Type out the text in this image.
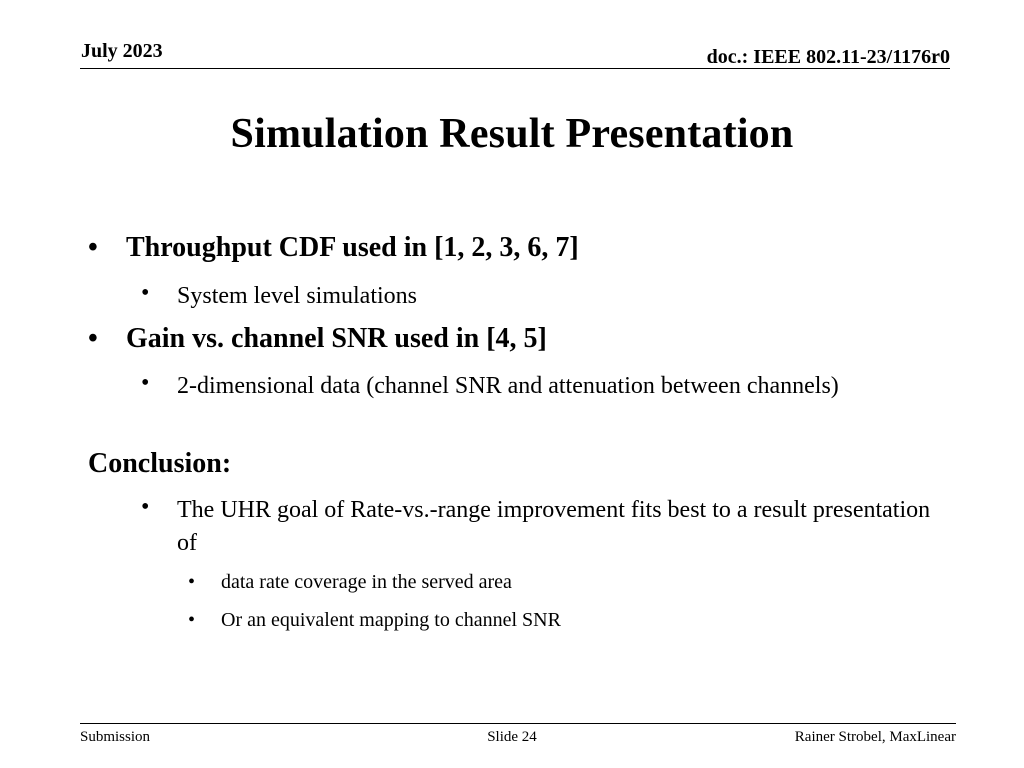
July 2023	doc.: IEEE 802.11-23/1176r0
Simulation Result Presentation
• Throughput CDF used in [1, 2, 3, 6, 7]
• System level simulations
• Gain vs. channel SNR used in [4, 5]
• 2-dimensional data (channel SNR and attenuation between channels)
Conclusion:
• The UHR goal of Rate-vs.-range improvement fits best to a result presentation of
• data rate coverage in the served area
• Or an equivalent mapping to channel SNR
Submission	Slide 24	Rainer Strobel, MaxLinear
